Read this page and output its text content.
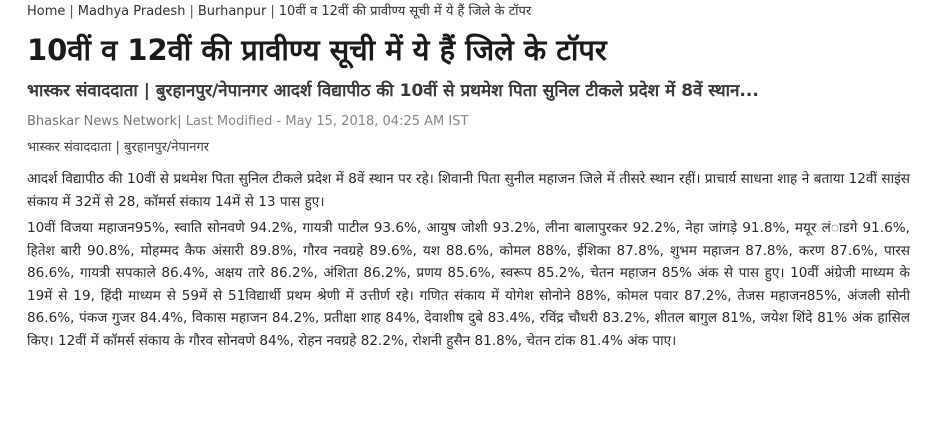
Home | Madhya Pradesh | Burhanpur | 10वीं व 12वीं की प्रावीण्य सूची में ये हैं जिले के टॉपर
10वीं व 12वीं की प्रावीण्य सूची में ये हैं जिले के टॉपर
भास्कर संवाददाता | बुरहानपुर/नेपानगर आदर्श विद्यापीठ की 10वीं से प्रथमेश पिता सुनिल टीकले प्रदेश में 8वें स्थान...
Bhaskar News Network| Last Modified - May 15, 2018, 04:25 AM IST
भास्कर संवाददाता | बुरहानपुर/नेपानगर

आदर्श विद्यापीठ की 10वीं से प्रथमेश पिता सुनिल टीकले प्रदेश में 8वें स्थान पर रहे। शिवानी पिता सुनील महाजन जिले में तीसरे स्थान रहीं। प्राचार्य साधना शाह ने बताया 12वीं साइंस संकाय में 32में से 28, कॉमर्स संकाय 14में से 13 पास हुए।

10वीं विजया महाजन95%, स्वाति सोनवणे 94.2%, गायत्री पाटील 93.6%, आयुष जोशी 93.2%, लीना बालापुरकर 92.2%, नेहा जांगड़े 91.8%, मयूर लंाडगे 91.6%, हितेश बारी 90.8%, मोहम्मद कैफ अंसारी 89.8%, गौरव नवग्रहे 89.6%, यश 88.6%, कोमल 88%, ईशिका 87.8%, शुभम महाजन 87.8%, करण 87.6%, पारस 86.6%, गायत्री सपकाले 86.4%, अक्षय तारे 86.2%, अंशिता 86.2%, प्रणय 85.6%, स्वरूप 85.2%, चेतन महाजन 85% अंक से पास हुए। 10वीं अंग्रेजी माध्यम के 19में से 19, हिंदी माध्यम से 59में से 51विद्यार्थी प्रथम श्रेणी में उत्तीर्ण रहे। गणित संकाय में योगेश सोनोने 88%, कोमल पवार 87.2%, तेजस महाजन85%, अंजली सोनी 86.6%, पंकज गुजर 84.4%, विकास महाजन 84.2%, प्रतीक्षा शाह 84%, देवाशीष दुबे 83.4%, रविंद्र चौधरी 83.2%, शीतल बागुल 81%, जयेश शिंदे 81% अंक हासिल किए। 12वीं में कॉमर्स संकाय के गौरव सोनवणे 84%, रोहन नवग्रहे 82.2%, रोशनी हुसैन 81.8%, चेतन टांक 81.4% अंक पाए।
